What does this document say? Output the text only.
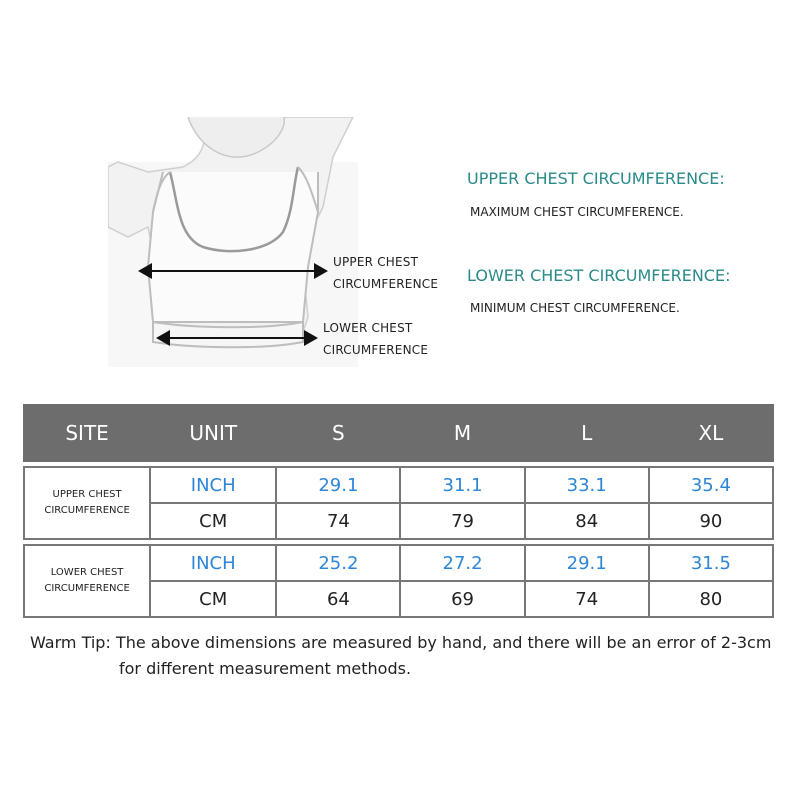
UPPER CHEST
CIRCUMFERENCE
LOWER CHEST
CIRCUMFERENCE
UPPER CHEST CIRCUMFERENCE:
MAXIMUM CHEST CIRCUMFERENCE.
LOWER CHEST CIRCUMFERENCE:
MINIMUM CHEST CIRCUMFERENCE.
SITE	UNIT	S	M	L	XL

UPPER CHEST
CIRCUMFERENCE	INCH	29.1	31.1	33.1	35.4
	CM	74	79	84	90

LOWER CHEST
CIRCUMFERENCE	INCH	25.2	27.2	29.1	31.5
	CM	64	69	74	80
Warm Tip: The above dimensions are measured by hand, and there will be an error of 2-3cm
for different measurement methods.
